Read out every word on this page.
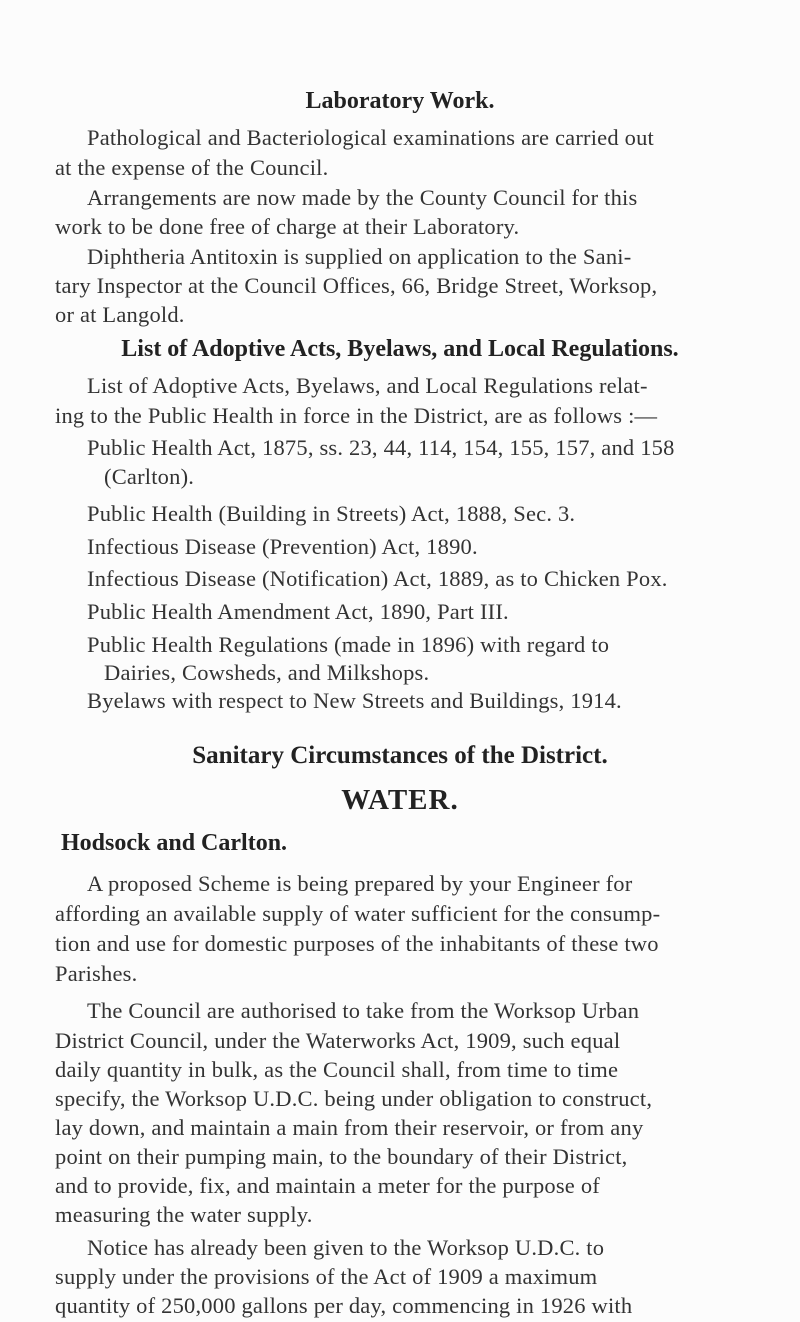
Laboratory Work.
Pathological and Bacteriological examinations are carried out
at the expense of the Council.
Arrangements are now made by the County Council for this
work to be done free of charge at their Laboratory.
Diphtheria Antitoxin is supplied on application to the Sani-
tary Inspector at the Council Offices, 66, Bridge Street, Worksop,
or at Langold.
List of Adoptive Acts, Byelaws, and Local Regulations.
List of Adoptive Acts, Byelaws, and Local Regulations relat-
ing to the Public Health in force in the District, are as follows :—
Public Health Act, 1875, ss. 23, 44, 114, 154, 155, 157, and 158
(Carlton).
Public Health (Building in Streets) Act, 1888, Sec. 3.
Infectious Disease (Prevention) Act, 1890.
Infectious Disease (Notification) Act, 1889, as to Chicken Pox.
Public Health Amendment Act, 1890, Part III.
Public Health Regulations (made in 1896) with regard to
Dairies, Cowsheds, and Milkshops.
Byelaws with respect to New Streets and Buildings, 1914.
Sanitary Circumstances of the District.
WATER.
Hodsock and Carlton.
A proposed Scheme is being prepared by your Engineer for
affording an available supply of water sufficient for the consump-
tion and use for domestic purposes of the inhabitants of these two
Parishes.
The Council are authorised to take from the Worksop Urban
District Council, under the Waterworks Act, 1909, such equal
daily quantity in bulk, as the Council shall, from time to time
specify, the Worksop U.D.C. being under obligation to construct,
lay down, and maintain a main from their reservoir, or from any
point on their pumping main, to the boundary of their District,
and to provide, fix, and maintain a meter for the purpose of
measuring the water supply.
Notice has already been given to the Worksop U.D.C. to
supply under the provisions of the Act of 1909 a maximum
quantity of 250,000 gallons per day, commencing in 1926 with
